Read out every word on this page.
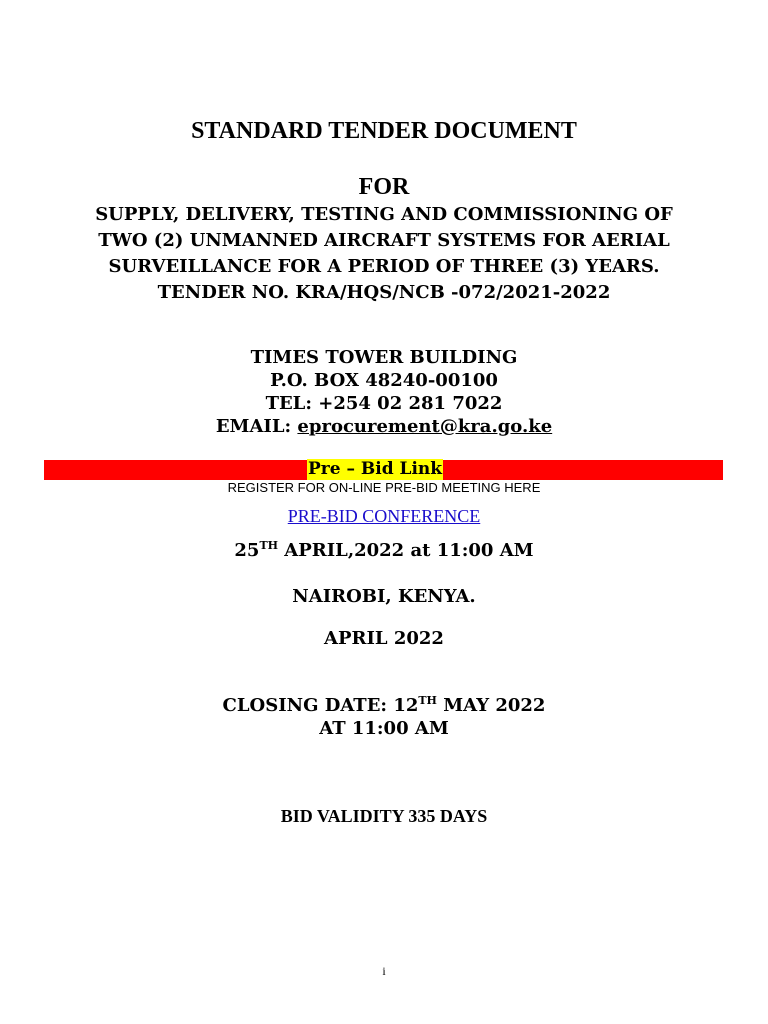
STANDARD TENDER DOCUMENT
FOR
SUPPLY, DELIVERY, TESTING AND COMMISSIONING OF
TWO (2) UNMANNED AIRCRAFT SYSTEMS FOR AERIAL
SURVEILLANCE FOR A PERIOD OF THREE (3) YEARS.
TENDER NO. KRA/HQS/NCB -072/2021-2022
TIMES TOWER BUILDING
P.O. BOX 48240-00100
TEL: +254 02 281 7022
EMAIL: eprocurement@kra.go.ke
Pre – Bid Link
REGISTER FOR ON-LINE PRE-BID MEETING HERE
PRE-BID CONFERENCE
25TH APRIL,2022 at 11:00 AM
NAIROBI, KENYA.
APRIL 2022
CLOSING DATE: 12TH MAY 2022
AT 11:00 AM
BID VALIDITY 335 DAYS
i
